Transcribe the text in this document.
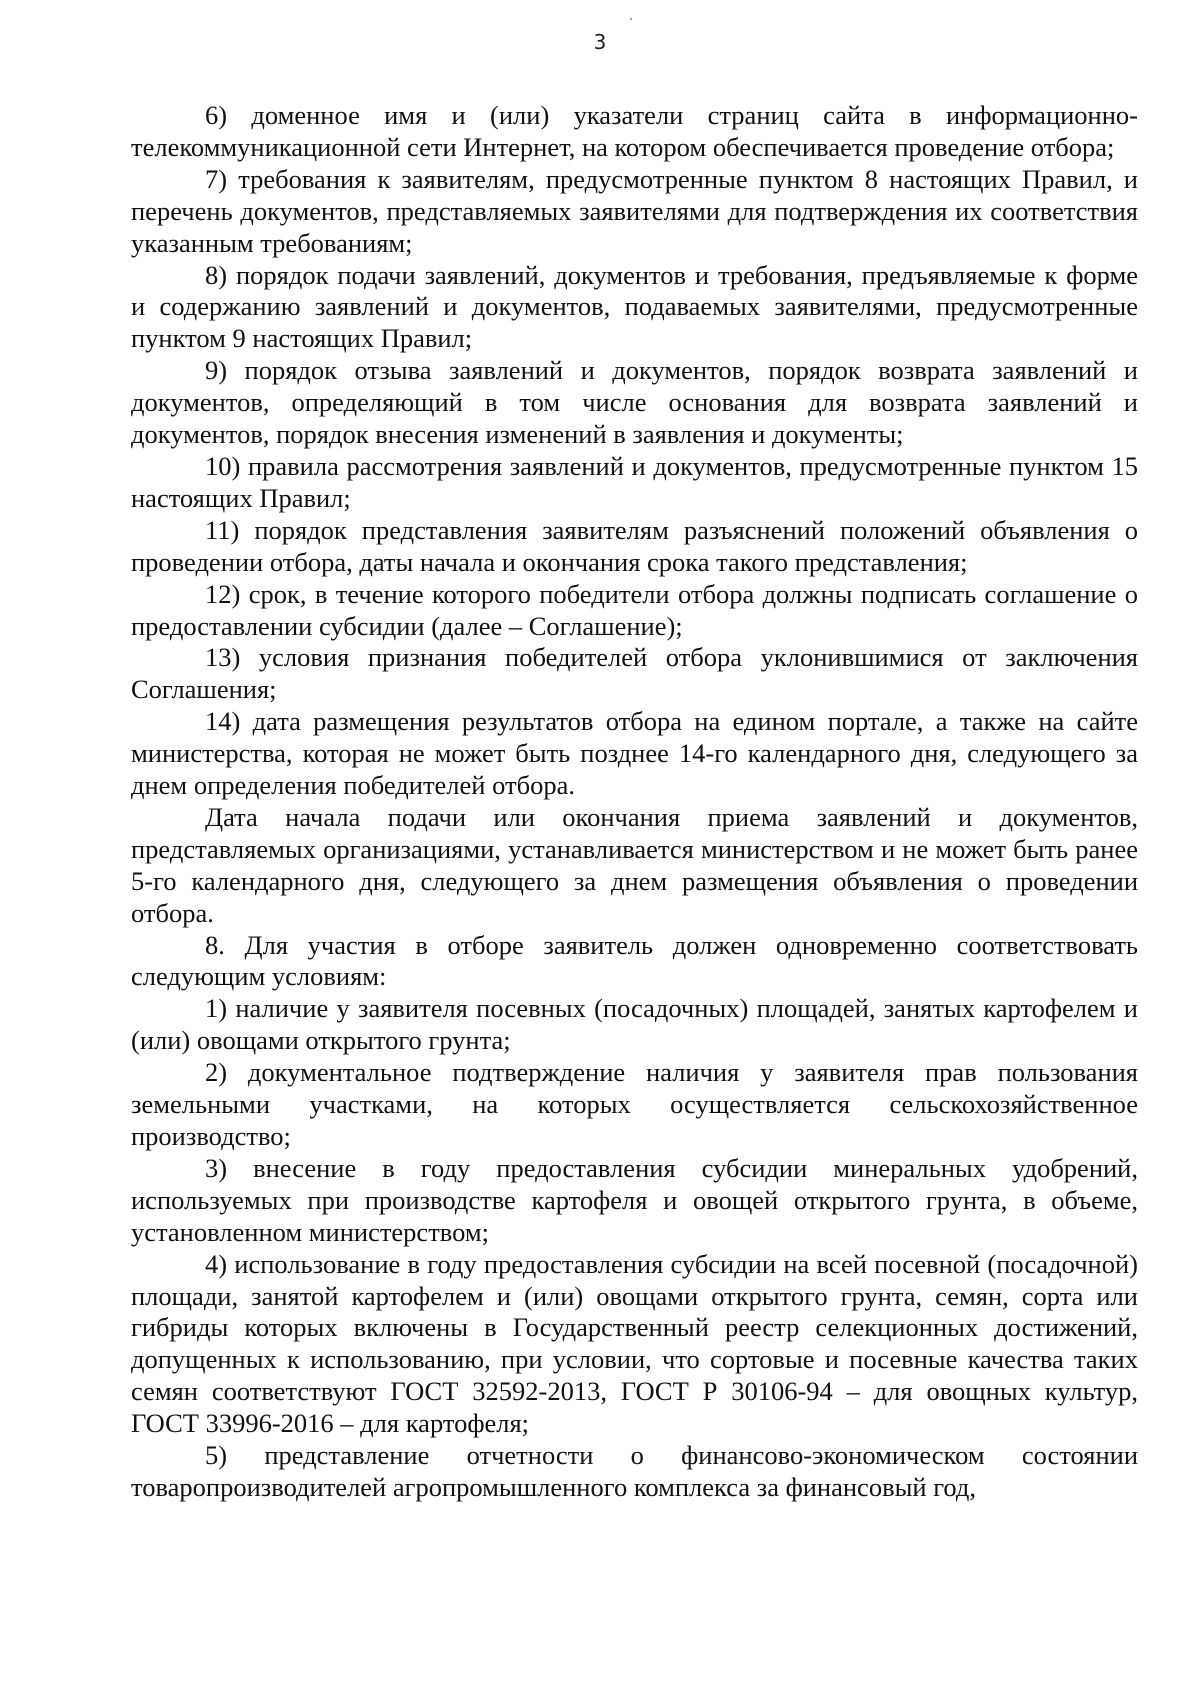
3

6) доменное имя и (или) указатели страниц сайта в информационно-телекоммуникационной сети Интернет, на котором обеспечивается проведение отбора;

7) требования к заявителям, предусмотренные пунктом 8 настоящих Правил, и перечень документов, представляемых заявителями для подтверждения их соответствия указанным требованиям;

8) порядок подачи заявлений, документов и требования, предъявляемые к форме и содержанию заявлений и документов, подаваемых заявителями, предусмотренные пунктом 9 настоящих Правил;

9) порядок отзыва заявлений и документов, порядок возврата заявлений и документов, определяющий в том числе основания для возврата заявлений и документов, порядок внесения изменений в заявления и документы;

10) правила рассмотрения заявлений и документов, предусмотренные пунктом 15 настоящих Правил;

11) порядок представления заявителям разъяснений положений объявления о проведении отбора, даты начала и окончания срока такого представления;

12) срок, в течение которого победители отбора должны подписать соглашение о предоставлении субсидии (далее – Соглашение);

13) условия признания победителей отбора уклонившимися от заключения Соглашения;

14) дата размещения результатов отбора на едином портале, а также на сайте министерства, которая не может быть позднее 14-го календарного дня, следующего за днем определения победителей отбора.

Дата начала подачи или окончания приема заявлений и документов, представляемых организациями, устанавливается министерством и не может быть ранее 5-го календарного дня, следующего за днем размещения объявления о проведении отбора.

8. Для участия в отборе заявитель должен одновременно соответствовать следующим условиям:

1) наличие у заявителя посевных (посадочных) площадей, занятых картофелем и (или) овощами открытого грунта;

2) документальное подтверждение наличия у заявителя прав пользования земельными участками, на которых осуществляется сельскохозяйственное производство;

3) внесение в году предоставления субсидии минеральных удобрений, используемых при производстве картофеля и овощей открытого грунта, в объеме, установленном министерством;

4) использование в году предоставления субсидии на всей посевной (посадочной) площади, занятой картофелем и (или) овощами открытого грунта, семян, сорта или гибриды которых включены в Государственный реестр селекционных достижений, допущенных к использованию, при условии, что сортовые и посевные качества таких семян соответствуют ГОСТ 32592-2013, ГОСТ Р 30106-94 – для овощных культур, ГОСТ 33996-2016 – для картофеля;

5) представление отчетности о финансово-экономическом состоянии товаропроизводителей агропромышленного комплекса за финансовый год,
